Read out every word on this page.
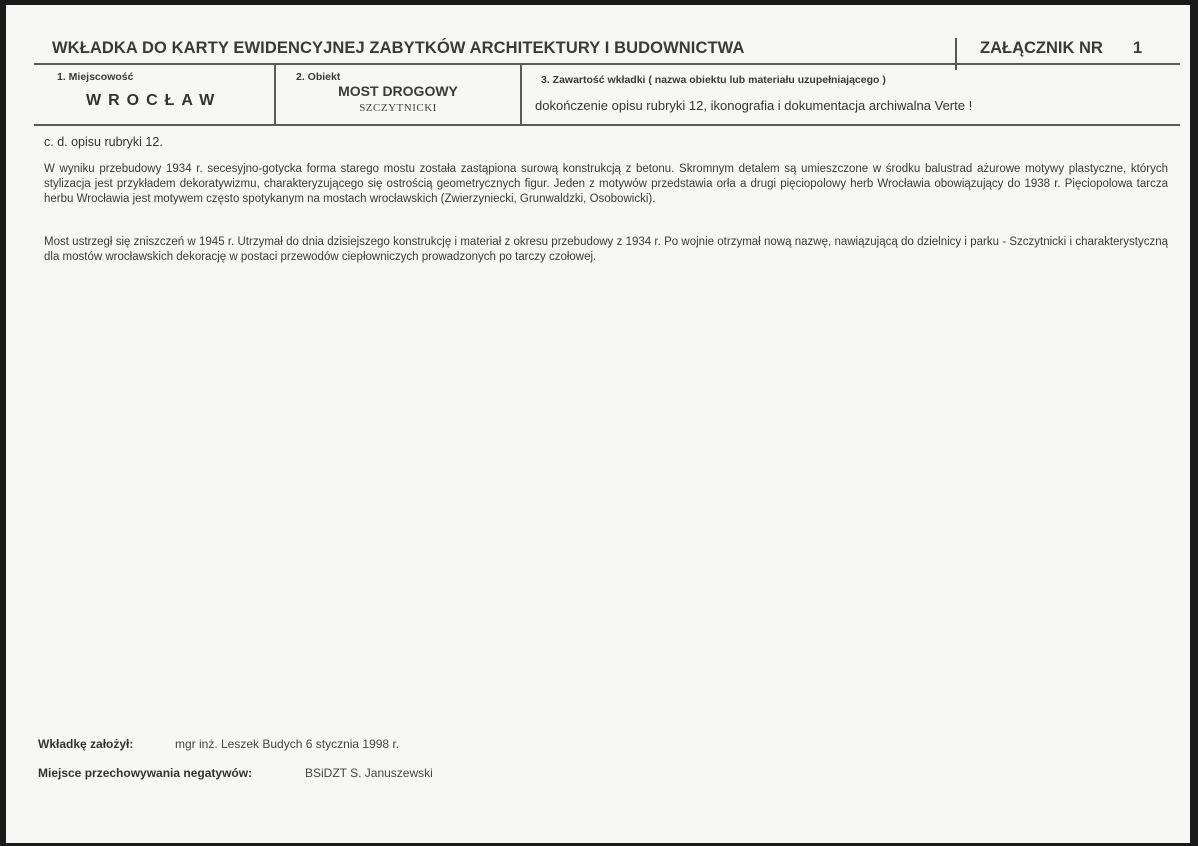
WKŁADKA DO KARTY EWIDENCYJNEJ ZABYTKÓW ARCHITEKTURY I BUDOWNICTWA	ZAŁĄCZNIK NR 1
1. Miejscowość
WROCŁAW
2. Obiekt
MOST DROGOWY
SZCZYTNICKI
3. Zawartość wkładki ( nazwa obiektu lub materiału uzupełniającego )
dokończenie opisu rubryki 12, ikonografia i dokumentacja archiwalna Verte !
c. d. opisu rubryki 12.

W wyniku przebudowy 1934 r. secesyjno-gotycka forma starego mostu została zastąpiona surową konstrukcją z betonu. Skromnym detalem są umieszczone w środku balustrad ażurowe motywy plastyczne, których stylizacja jest przykładem dekoratywizmu, charakteryzującego się ostrością geometrycznych figur. Jeden z motywów przedstawia orła a drugi pięciopolowy herb Wrocławia obowiązujący do 1938 r. Pięciopolowa tarcza herbu Wrocławia jest motywem często spotykanym na mostach wrocławskich (Zwierzyniecki, Grunwaldzki, Osobowicki).

Most ustrzegł się zniszczeń w 1945 r. Utrzymał do dnia dzisiejszego konstrukcję i materiał z okresu przebudowy z 1934 r. Po wojnie otrzymał nową nazwę, nawiązującą do dzielnicy i parku - Szczytnicki i charakterystyczną dla mostów wrocławskich dekorację w postaci przewodów ciepłowniczych prowadzonych po tarczy czołowej.

Wkładkę założył:	mgr inż. Leszek Budych 6 stycznia 1998 r.
Miejsce przechowywania negatywów:	BSiDZT S. Januszewski
